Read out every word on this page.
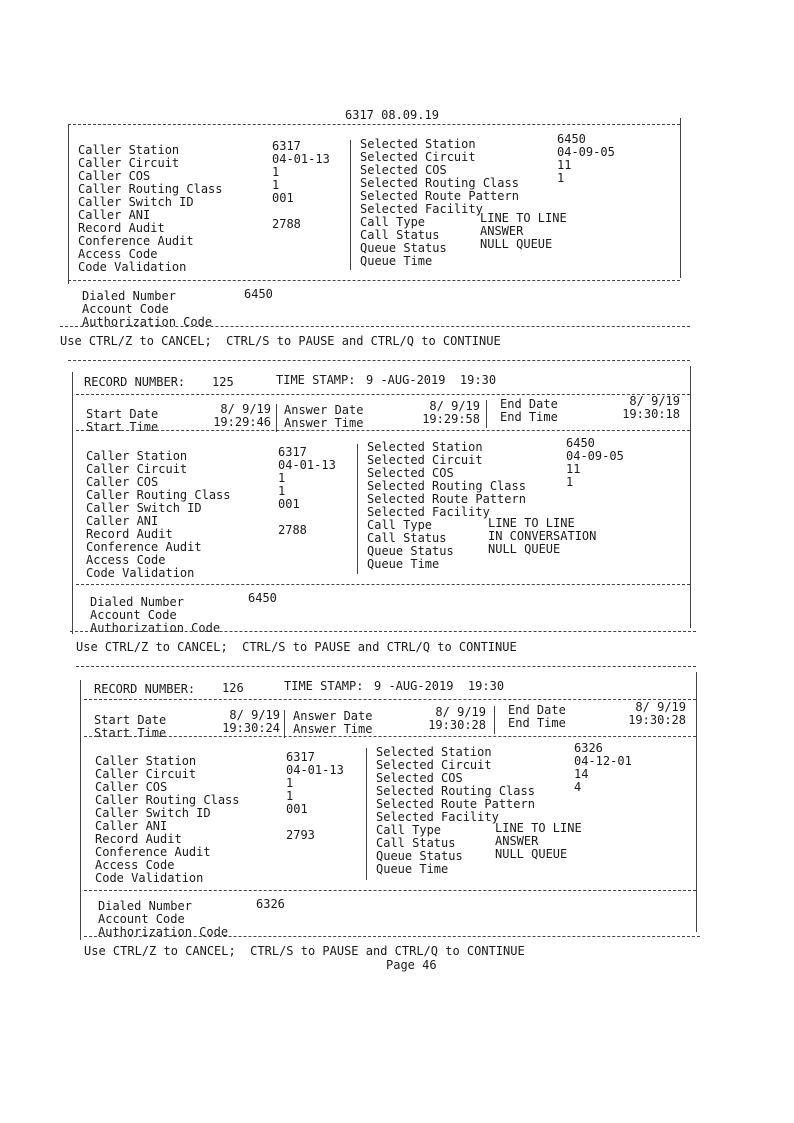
6317 08.09.19
Caller Station
Caller Circuit
Caller COS
Caller Routing Class
Caller Switch ID
Caller ANI
Record Audit
Conference Audit
Access Code
Code Validation
6317
04-01-13
1
1
001
2788
Selected Station
Selected Circuit
Selected COS
Selected Routing Class
Selected Route Pattern
Selected Facility
Call Type
Call Status
Queue Status
Queue Time
6450
04-09-05
11
1
LINE TO LINE
ANSWER
NULL QUEUE
Dialed Number
Account Code
Authorization Code
6450
Use CTRL/Z to CANCEL;  CTRL/S to PAUSE and CTRL/Q to CONTINUE
RECORD NUMBER: 125	TIME STAMP: 9 -AUG-2019  19:30
Start Date
Start Time
8/ 9/19
19:29:46
Answer Date
Answer Time
8/ 9/19
19:29:58
End Date
End Time
8/ 9/19
19:30:18
Caller Station
Caller Circuit
Caller COS
Caller Routing Class
Caller Switch ID
Caller ANI
Record Audit
Conference Audit
Access Code
Code Validation
6317
04-01-13
1
1
001
2788
Selected Station
Selected Circuit
Selected COS
Selected Routing Class
Selected Route Pattern
Selected Facility
Call Type
Call Status
Queue Status
Queue Time
6450
04-09-05
11
1
LINE TO LINE
IN CONVERSATION
NULL QUEUE
Dialed Number
Account Code
Authorization Code
6450
Use CTRL/Z to CANCEL;  CTRL/S to PAUSE and CTRL/Q to CONTINUE
RECORD NUMBER: 126	TIME STAMP: 9 -AUG-2019  19:30
Start Date
Start Time
8/ 9/19
19:30:24
Answer Date
Answer Time
8/ 9/19
19:30:28
End Date
End Time
8/ 9/19
19:30:28
Caller Station
Caller Circuit
Caller COS
Caller Routing Class
Caller Switch ID
Caller ANI
Record Audit
Conference Audit
Access Code
Code Validation
6317
04-01-13
1
1
001
2793
Selected Station
Selected Circuit
Selected COS
Selected Routing Class
Selected Route Pattern
Selected Facility
Call Type
Call Status
Queue Status
Queue Time
6326
04-12-01
14
4
LINE TO LINE
ANSWER
NULL QUEUE
Dialed Number
Account Code
Authorization Code
6326
Use CTRL/Z to CANCEL;  CTRL/S to PAUSE and CTRL/Q to CONTINUE
Page 46
